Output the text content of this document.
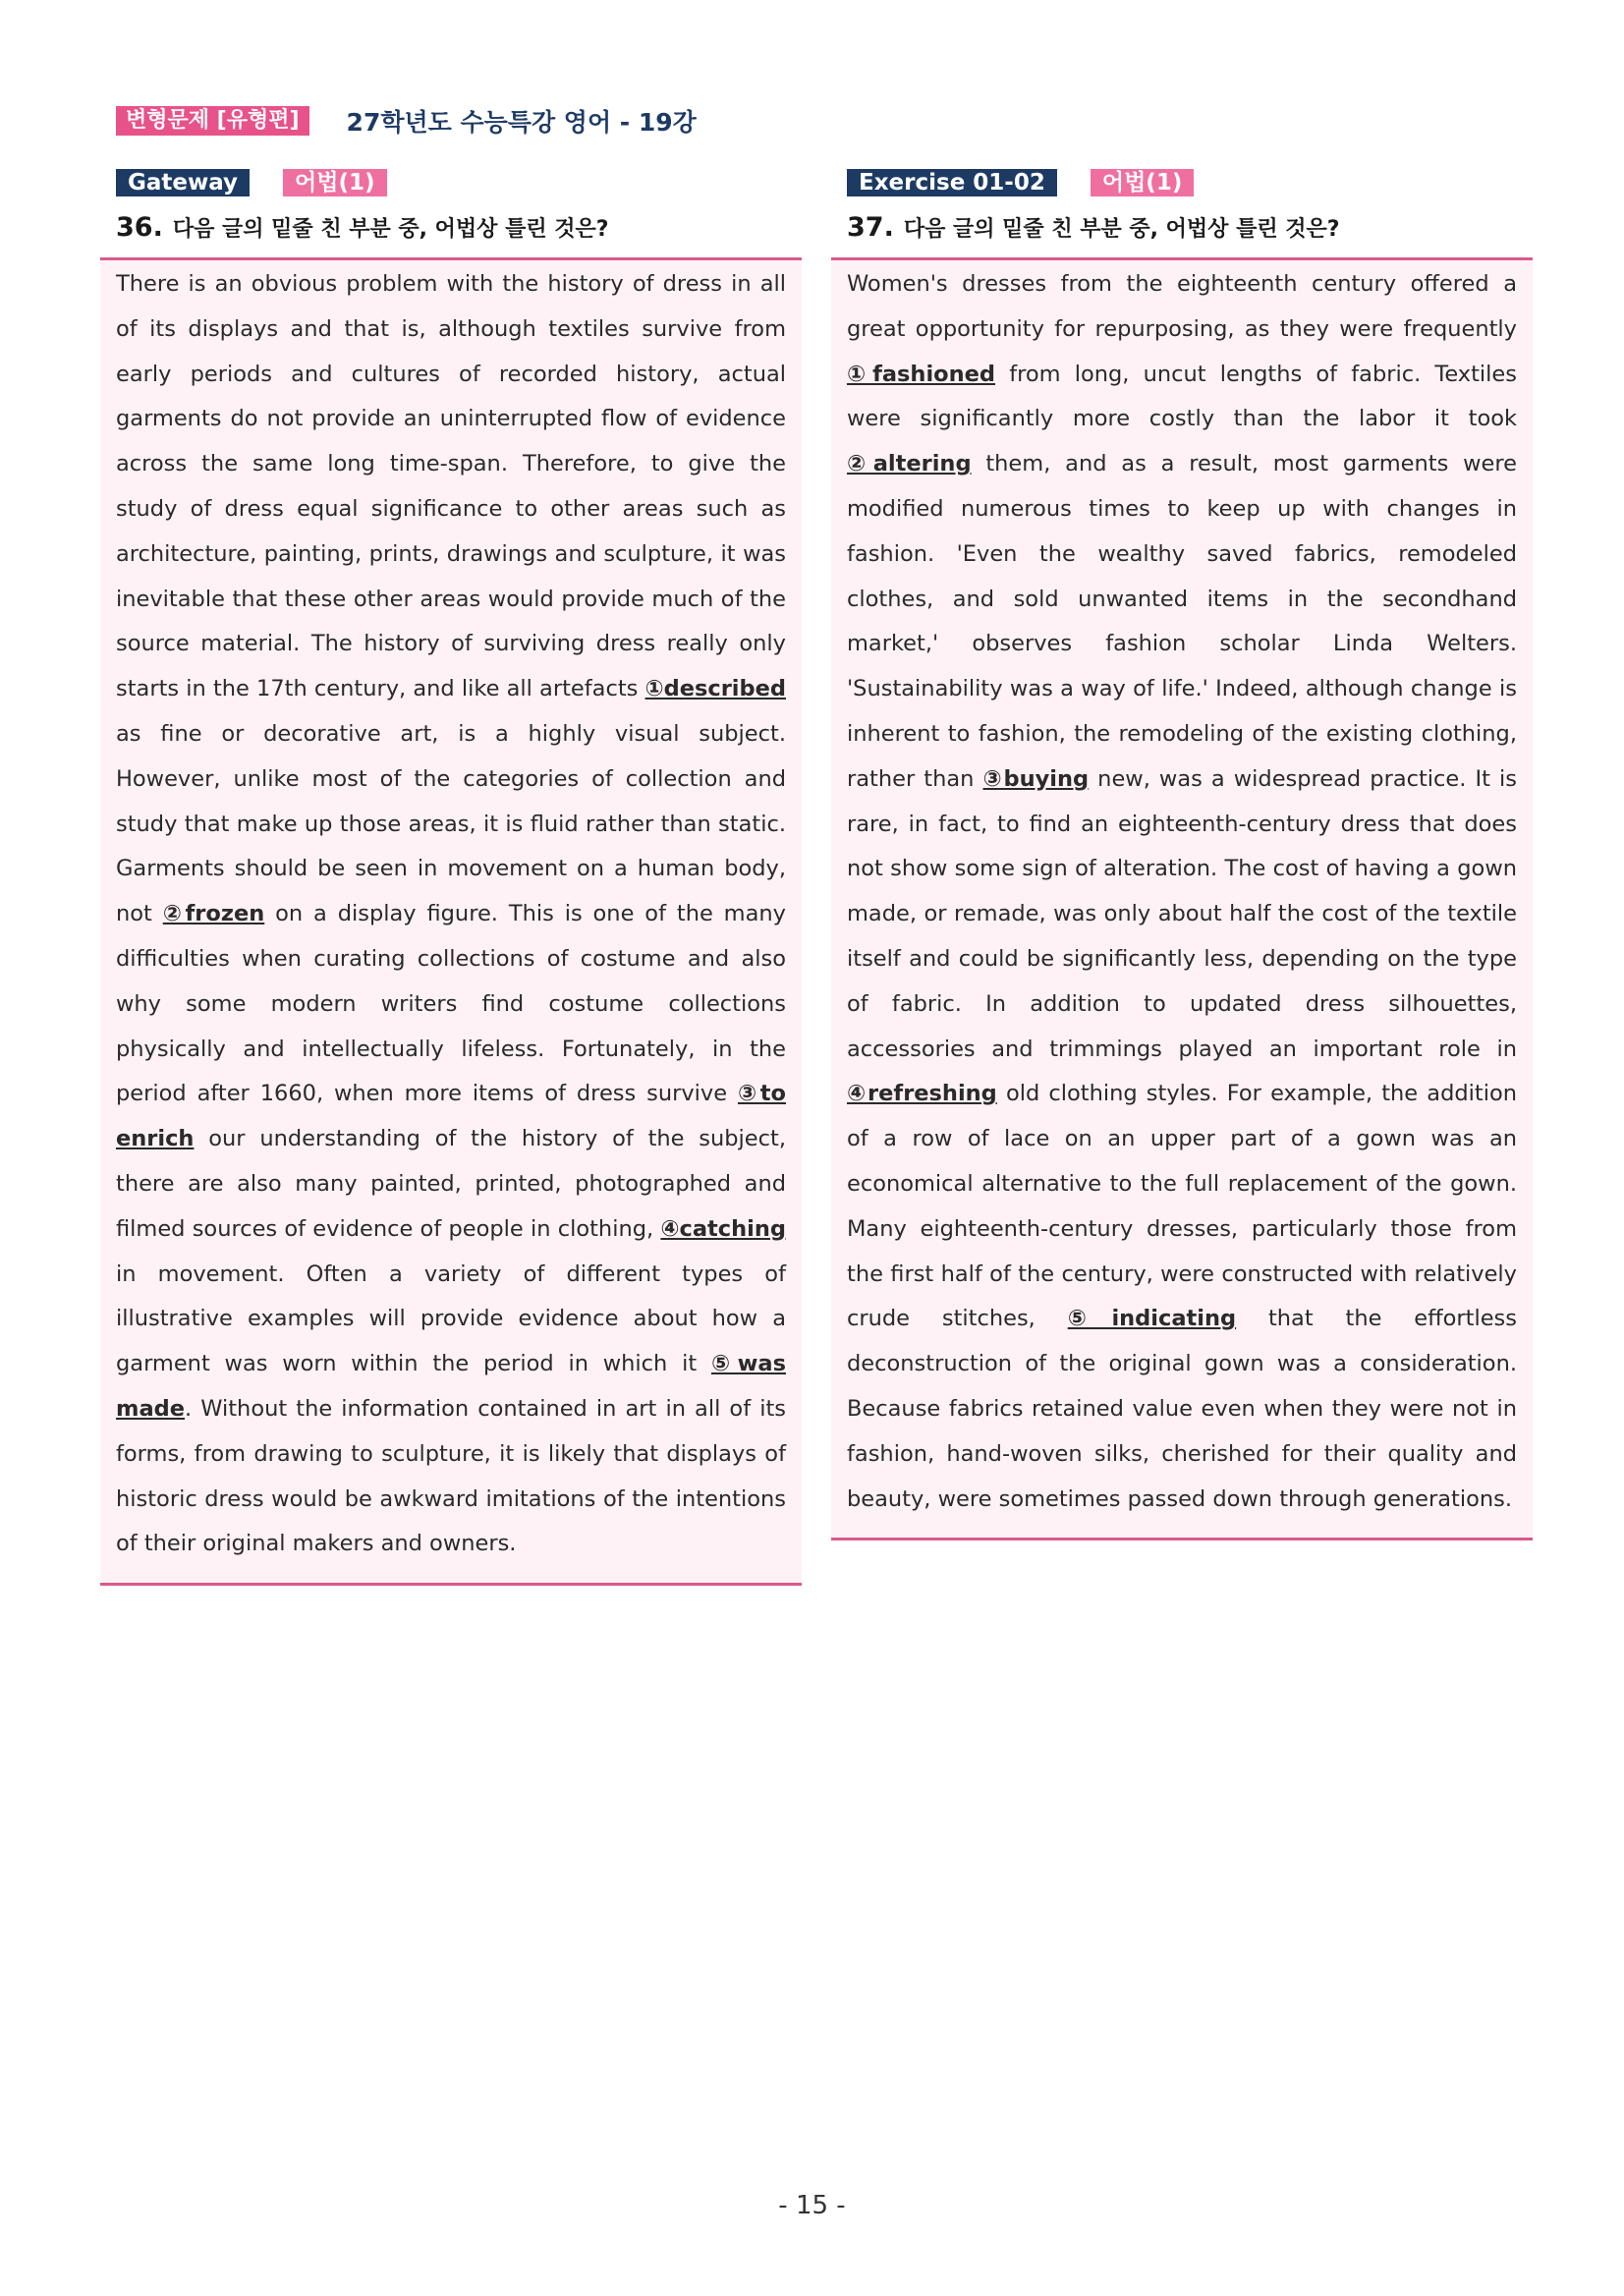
변형문제 [유형편]	27학년도 수능특강 영어 - 19강
Gateway	어법(1)
36. 다음 글의 밑줄 친 부분 중, 어법상 틀린 것은?

There is an obvious problem with the history of dress in all of its displays and that is, although textiles survive from early periods and cultures of recorded history, actual garments do not provide an uninterrupted flow of evidence across the same long time-span. Therefore, to give the study of dress equal significance to other areas such as architecture, painting, prints, drawings and sculpture, it was inevitable that these other areas would provide much of the source material. The history of surviving dress really only starts in the 17th century, and like all artefacts ①described as fine or decorative art, is a highly visual subject. However, unlike most of the categories of collection and study that make up those areas, it is fluid rather than static. Garments should be seen in movement on a human body, not ②frozen on a display figure. This is one of the many difficulties when curating collections of costume and also why some modern writers find costume collections physically and intellectually lifeless. Fortunately, in the period after 1660, when more items of dress survive ③to enrich our understanding of the history of the subject, there are also many painted, printed, photographed and filmed sources of evidence of people in clothing, ④catching in movement. Often a variety of different types of illustrative examples will provide evidence about how a garment was worn within the period in which it ⑤was made. Without the information contained in art in all of its forms, from drawing to sculpture, it is likely that displays of historic dress would be awkward imitations of the intentions of their original makers and owners.

Exercise 01-02	어법(1)
37. 다음 글의 밑줄 친 부분 중, 어법상 틀린 것은?

Women's dresses from the eighteenth century offered a great opportunity for repurposing, as they were frequently ①fashioned from long, uncut lengths of fabric. Textiles were significantly more costly than the labor it took ②altering them, and as a result, most garments were modified numerous times to keep up with changes in fashion. 'Even the wealthy saved fabrics, remodeled clothes, and sold unwanted items in the secondhand market,' observes fashion scholar Linda Welters. 'Sustainability was a way of life.' Indeed, although change is inherent to fashion, the remodeling of the existing clothing, rather than ③buying new, was a widespread practice. It is rare, in fact, to find an eighteenth-century dress that does not show some sign of alteration. The cost of having a gown made, or remade, was only about half the cost of the textile itself and could be significantly less, depending on the type of fabric. In addition to updated dress silhouettes, accessories and trimmings played an important role in ④refreshing old clothing styles. For example, the addition of a row of lace on an upper part of a gown was an economical alternative to the full replacement of the gown. Many eighteenth-century dresses, particularly those from the first half of the century, were constructed with relatively crude stitches, ⑤indicating that the effortless deconstruction of the original gown was a consideration. Because fabrics retained value even when they were not in fashion, hand-woven silks, cherished for their quality and beauty, were sometimes passed down through generations.

- 15 -
